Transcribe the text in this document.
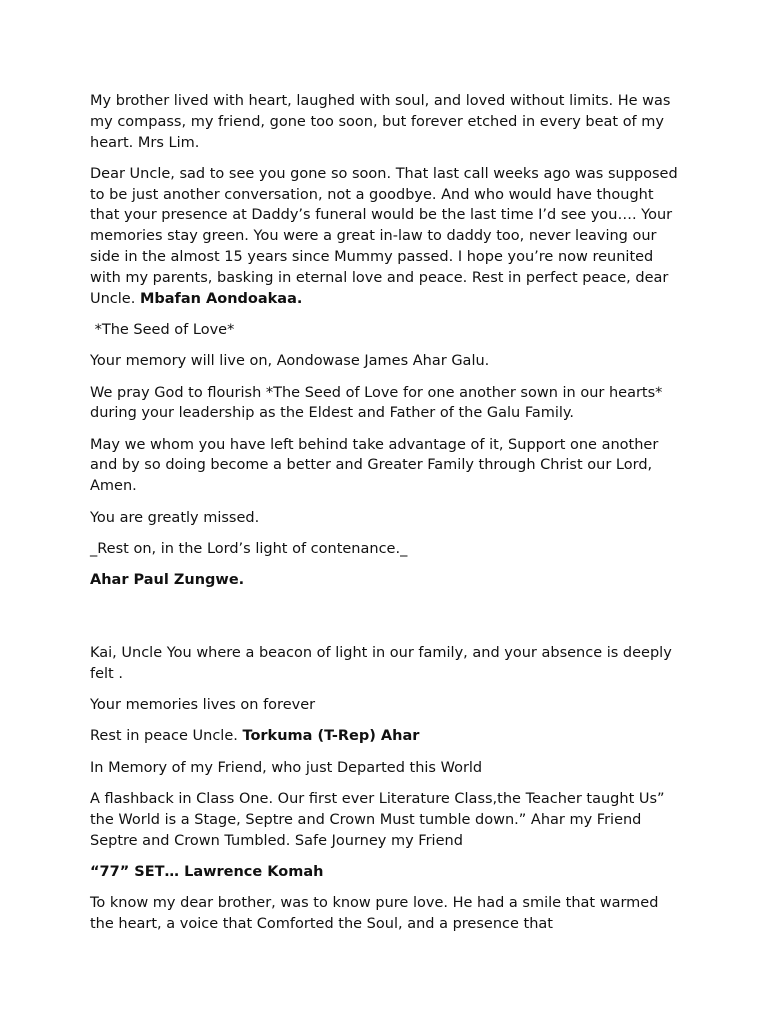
My brother lived with heart, laughed with soul, and loved without limits. He was my compass, my friend, gone too soon, but forever etched in every beat of my heart. Mrs Lim.

Dear Uncle, sad to see you gone so soon. That last call weeks ago was supposed to be just another conversation, not a goodbye. And who would have thought that your presence at Daddy’s funeral would be the last time I’d see you…. Your memories stay green. You were a great in-law to daddy too, never leaving our side in the almost 15 years since Mummy passed. I hope you’re now reunited with my parents, basking in eternal love and peace. Rest in perfect peace, dear Uncle. Mbafan Aondoakaa.

*The Seed of Love*

Your memory will live on, Aondowase James Ahar Galu.

We pray God to flourish *The Seed of Love for one another sown in our hearts* during your leadership as the Eldest and Father of the Galu Family.

May we whom you have left behind take advantage of it, Support one another and by so doing become a better and Greater Family through Christ our Lord, Amen.

You are greatly missed.

_Rest on, in the Lord’s light of contenance._

Ahar Paul Zungwe.

Kai, Uncle You where a beacon of light in our family, and your absence is deeply felt .

Your memories lives on forever

Rest in peace Uncle. Torkuma (T-Rep) Ahar

In Memory of my Friend, who just Departed this World

A flashback in Class One. Our first ever Literature Class,the Teacher taught Us” the World is a Stage, Septre and Crown Must tumble down.” Ahar my Friend Septre and Crown Tumbled. Safe Journey my Friend

“77” SET… Lawrence Komah

To know my dear brother, was to know pure love. He had a smile that warmed the heart, a voice that Comforted the Soul, and a presence that
